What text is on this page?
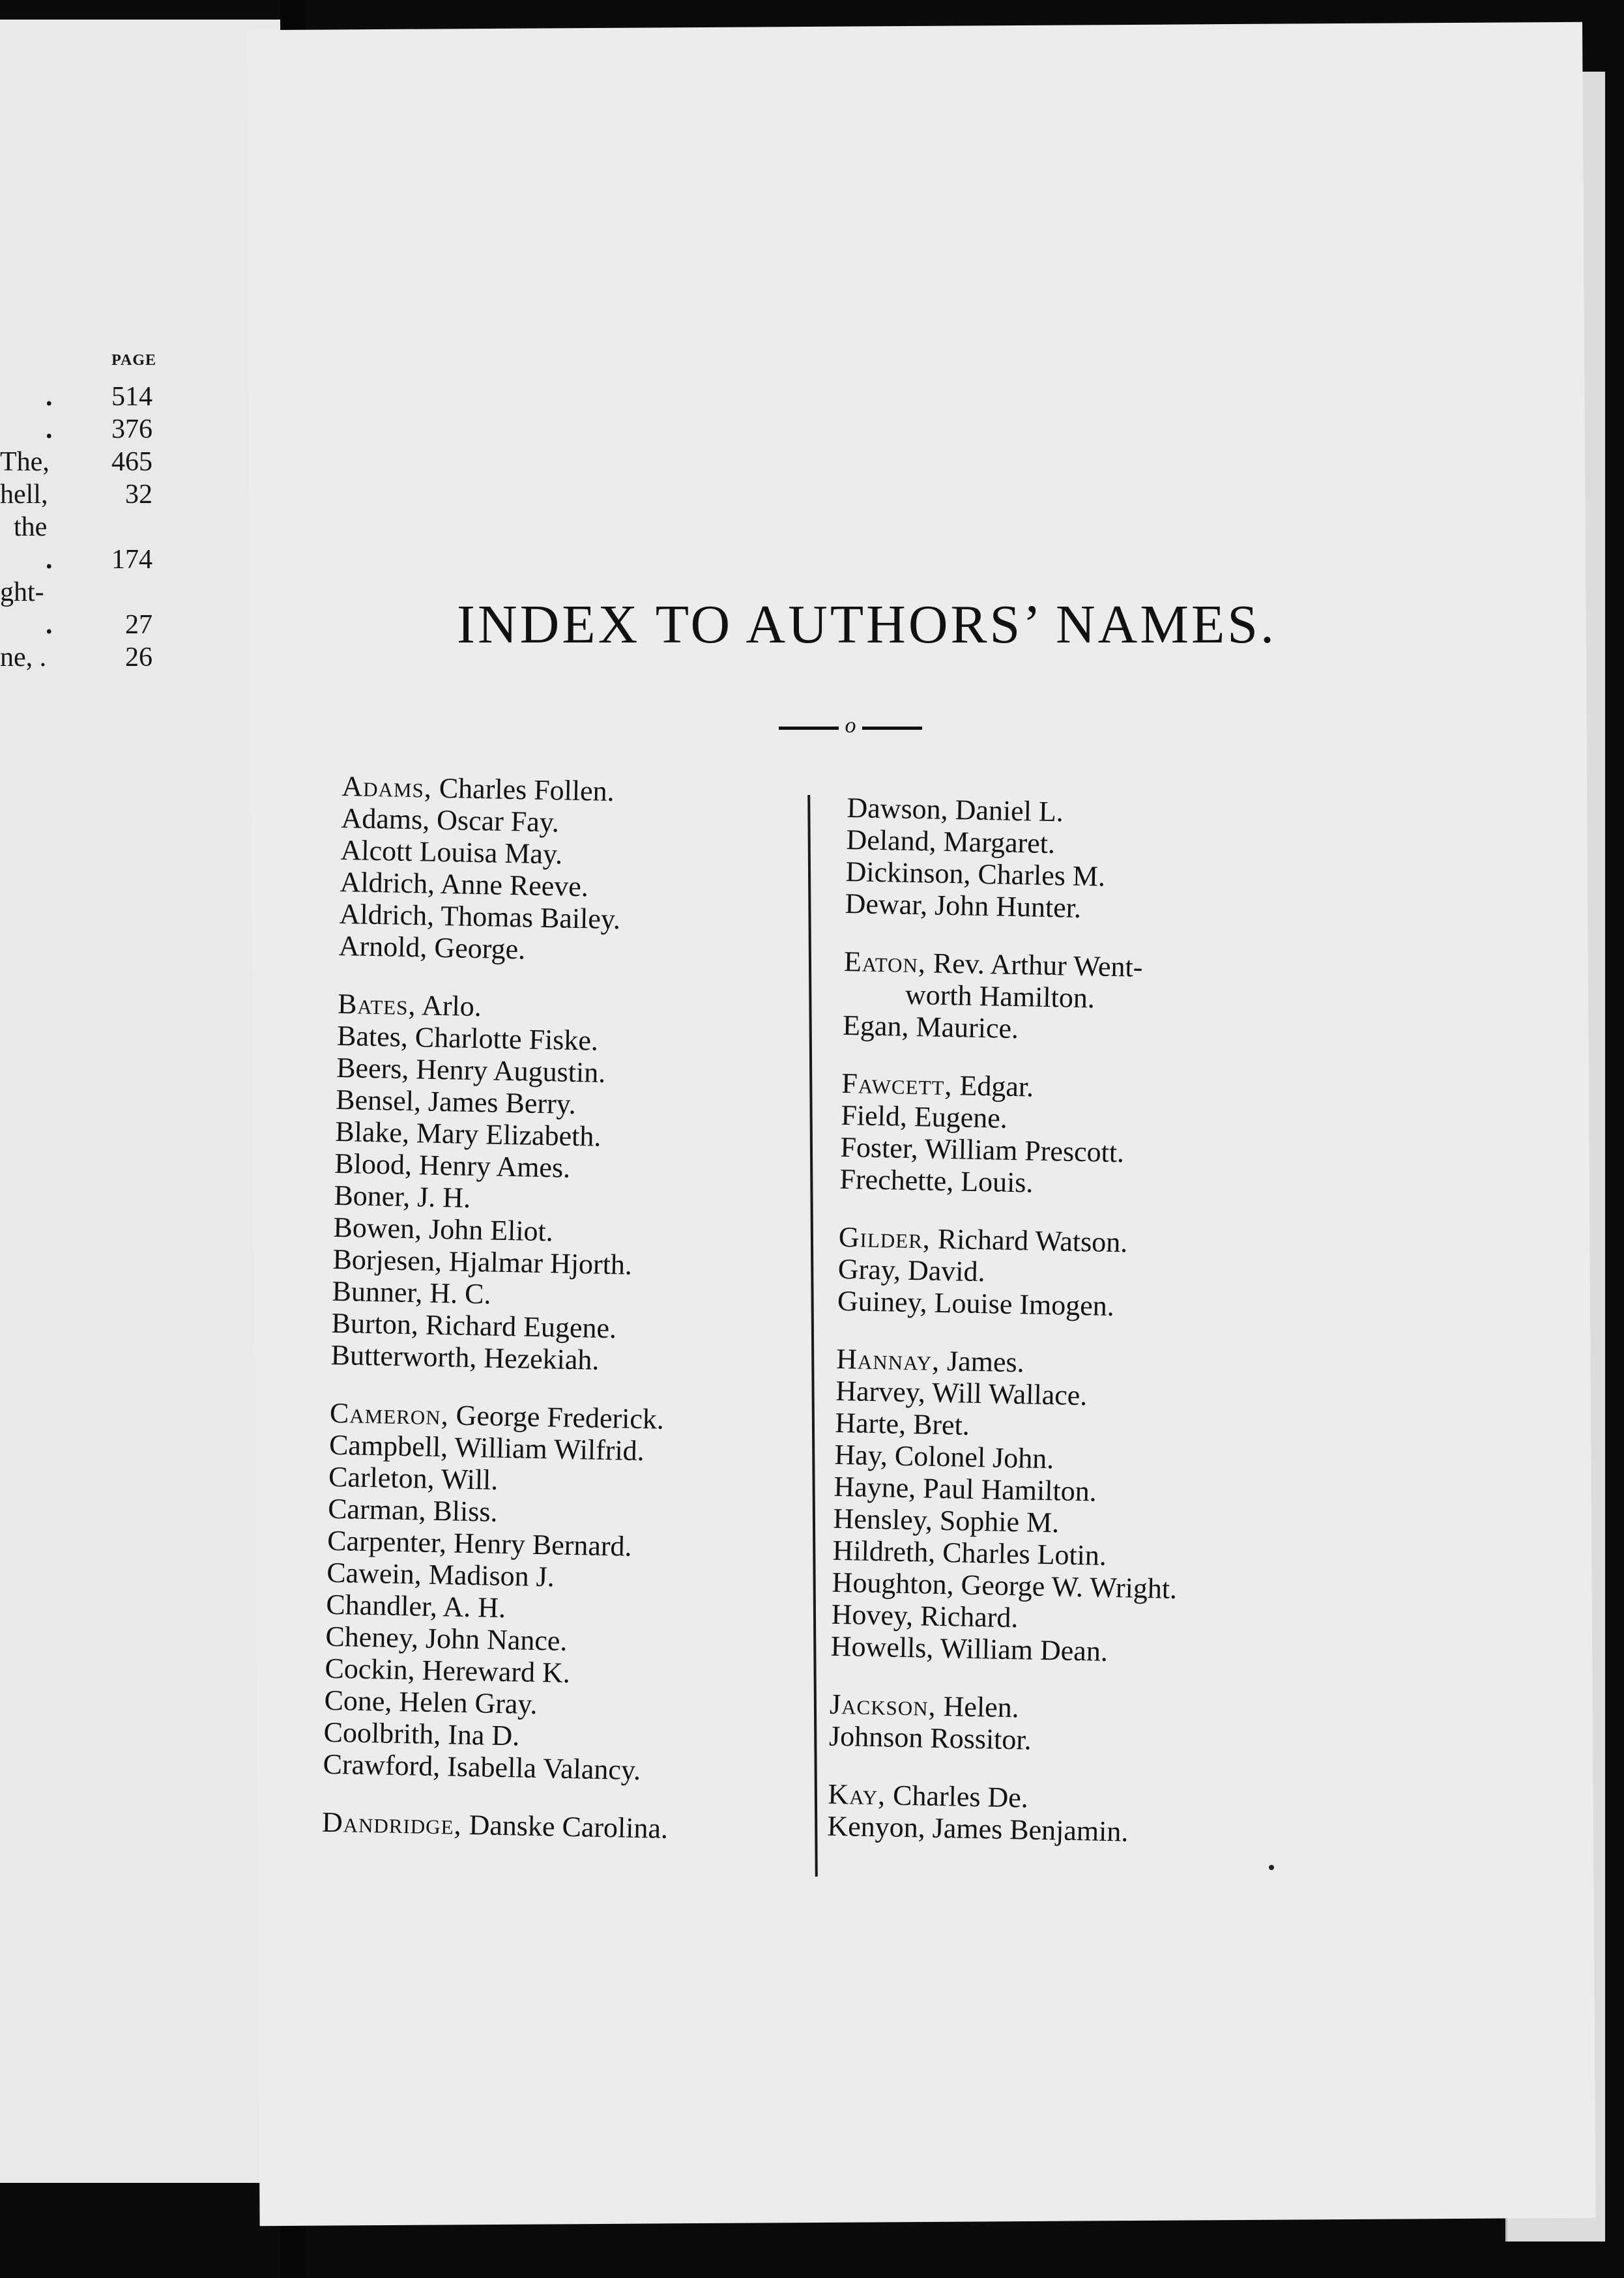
PAGE
. 514
. 376
The, 465
hell,	32
the
. 174
ght-
.	27
ne, .	26
INDEX TO AUTHORS’ NAMES.
o
Adams, Charles Follen.
Adams, Oscar Fay.
Alcott Louisa May.
Aldrich, Anne Reeve.
Aldrich, Thomas Bailey.
Arnold, George.
Bates, Arlo.
Bates, Charlotte Fiske.
Beers, Henry Augustin.
Bensel, James Berry.
Blake, Mary Elizabeth.
Blood, Henry Ames.
Boner, J. H.
Bowen, John Eliot.
Borjesen, Hjalmar Hjorth.
Bunner, H. C.
Burton, Richard Eugene.
Butterworth, Hezekiah.
Cameron, George Frederick.
Campbell, William Wilfrid.
Carleton, Will.
Carman, Bliss.
Carpenter, Henry Bernard.
Cawein, Madison J.
Chandler, A. H.
Cheney, John Nance.
Cockin, Hereward K.
Cone, Helen Gray.
Coolbrith, Ina D.
Crawford, Isabella Valancy.
Dandridge, Danske Carolina.
Dawson, Daniel L.
Deland, Margaret.
Dickinson, Charles M.
Dewar, John Hunter.
Eaton, Rev. Arthur Went-
worth Hamilton.
Egan, Maurice.
Fawcett, Edgar.
Field, Eugene.
Foster, William Prescott.
Frechette, Louis.
Gilder, Richard Watson.
Gray, David.
Guiney, Louise Imogen.
Hannay, James.
Harvey, Will Wallace.
Harte, Bret.
Hay, Colonel John.
Hayne, Paul Hamilton.
Hensley, Sophie M.
Hildreth, Charles Lotin.
Houghton, George W. Wright.
Hovey, Richard.
Howells, William Dean.
Jackson, Helen.
Johnson Rossitor.
Kay, Charles De.
Kenyon, James Benjamin.
